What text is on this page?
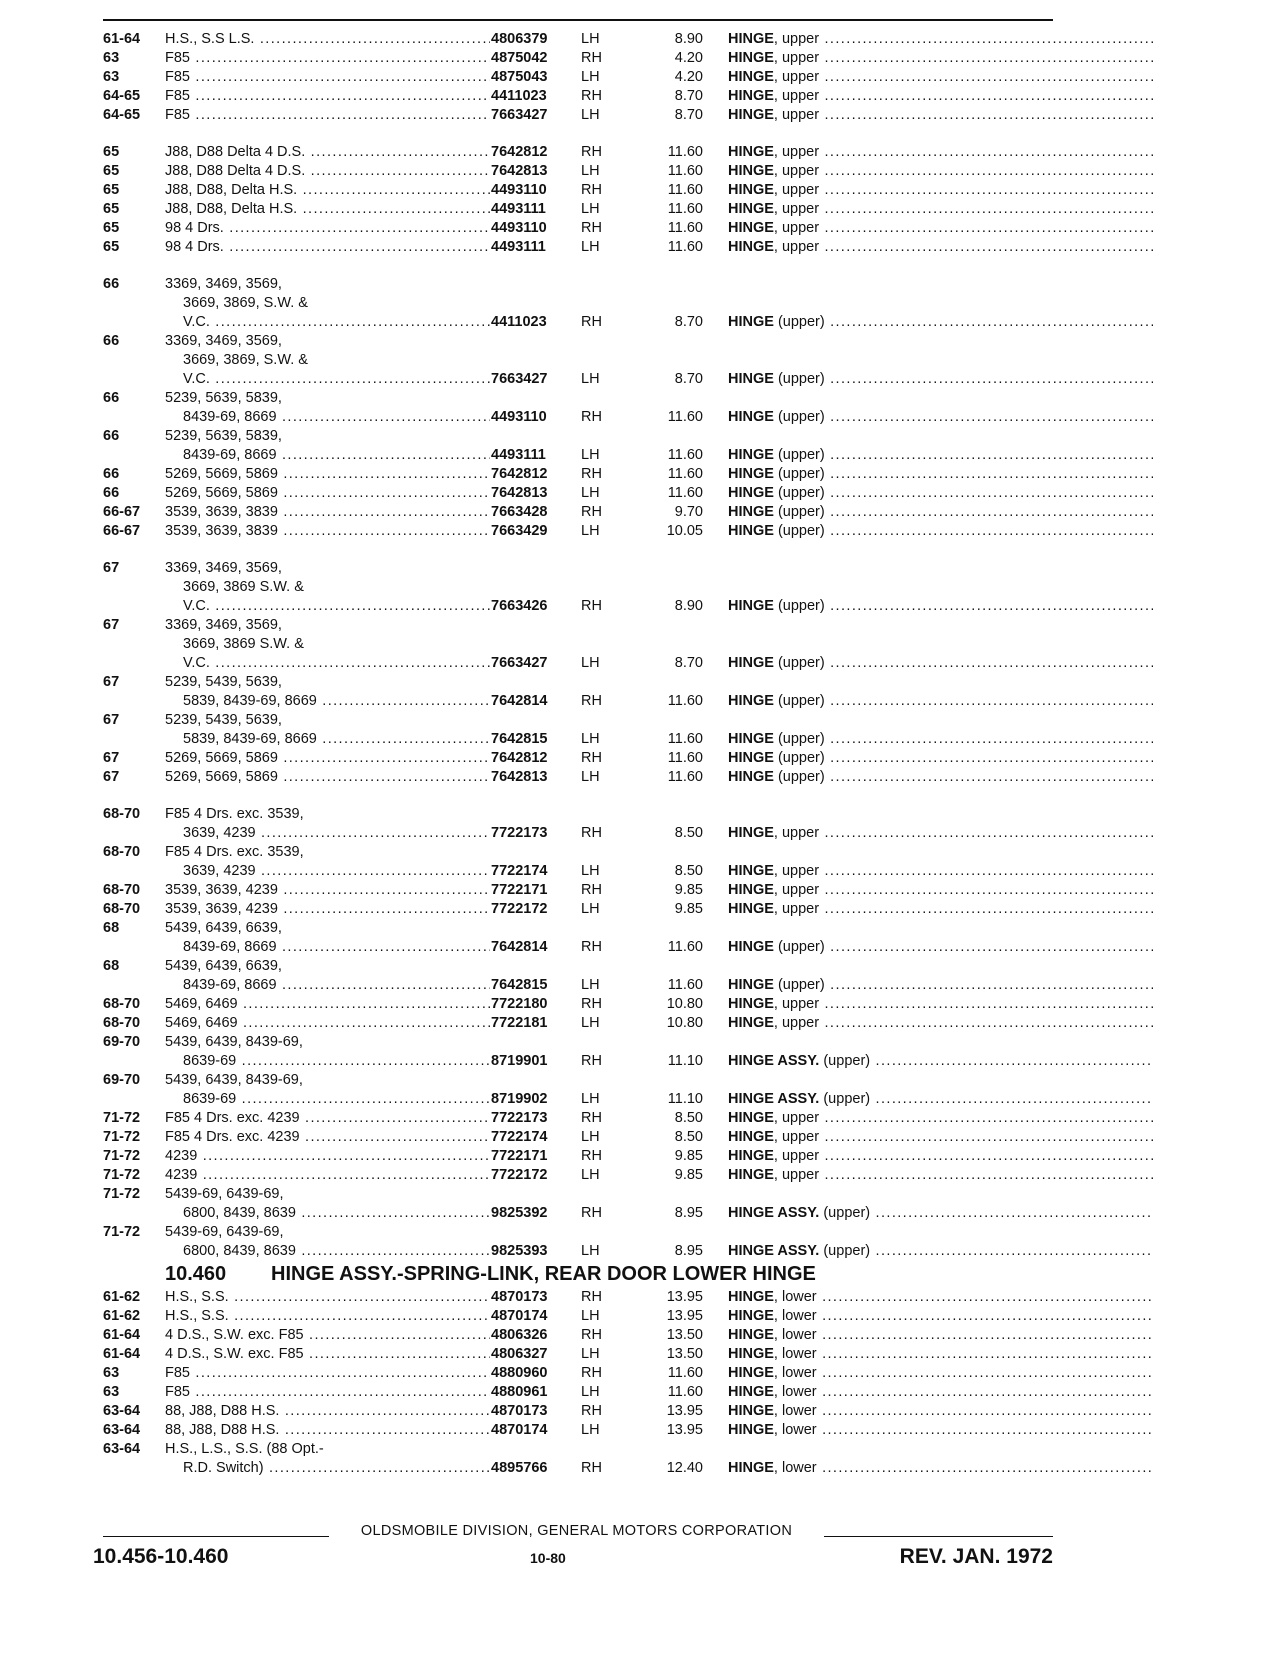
61-64	H.S., S.S L.S. .....	4806379	LH	8.90 HINGE, upper .....
63	F85 .....	4875042	RH	4.20 HINGE, upper .....
63	F85 .....	4875043	LH	4.20 HINGE, upper .....
64-65	F85 .....	4411023	RH	8.70 HINGE, upper .....
64-65	F85 .....	7663427	LH	8.70 HINGE, upper .....
65	J88, D88 Delta 4 D.S. .....	7642812	RH	11.60 HINGE, upper .....
65	J88, D88 Delta 4 D.S. .....	7642813	LH	11.60 HINGE, upper .....
65	J88, D88, Delta H.S. .....	4493110	RH	11.60 HINGE, upper .....
65	J88, D88, Delta H.S. .....	4493111	LH	11.60 HINGE, upper .....
65	98 4 Drs. .....	4493110	RH	11.60 HINGE, upper .....
65	98 4 Drs. .....	4493111	LH	11.60 HINGE, upper .....
66	3369, 3469, 3569,
3669, 3869, S.W. &
V.C. .....	4411023	RH	8.70 HINGE (upper) .....
66	3369, 3469, 3569,
3669, 3869, S.W. &
V.C. .....	7663427	LH	8.70 HINGE (upper) .....
66	5239, 5639, 5839,
8439-69, 8669 .....	4493110	RH	11.60 HINGE (upper) .....
66	5239, 5639, 5839,
8439-69, 8669 .....	4493111	LH	11.60 HINGE (upper) .....
66	5269, 5669, 5869 .....	7642812	RH	11.60 HINGE (upper) .....
66	5269, 5669, 5869 .....	7642813	LH	11.60 HINGE (upper) .....
66-67	3539, 3639, 3839 .....	7663428	RH	9.70 HINGE (upper) .....
66-67	3539, 3639, 3839 .....	7663429	LH	10.05 HINGE (upper) .....
67	3369, 3469, 3569,
3669, 3869 S.W. &
V.C. .....	7663426	RH	8.90 HINGE (upper) .....
67	3369, 3469, 3569,
3669, 3869 S.W. &
V.C. .....	7663427	LH	8.70 HINGE (upper) .....
67	5239, 5439, 5639,
5839, 8439-69, 8669 .....	7642814	RH	11.60 HINGE (upper) .....
67	5239, 5439, 5639,
5839, 8439-69, 8669 .....	7642815	LH	11.60 HINGE (upper) .....
67	5269, 5669, 5869 .....	7642812	RH	11.60 HINGE (upper) .....
67	5269, 5669, 5869 .....	7642813	LH	11.60 HINGE (upper) .....
68-70	F85 4 Drs. exc. 3539,
3639, 4239 .....	7722173	RH	8.50 HINGE, upper .....
68-70	F85 4 Drs. exc. 3539,
3639, 4239 .....	7722174	LH	8.50 HINGE, upper .....
68-70	3539, 3639, 4239 .....	7722171	RH	9.85 HINGE, upper .....
68-70	3539, 3639, 4239 .....	7722172	LH	9.85 HINGE, upper .....
68	5439, 6439, 6639,
8439-69, 8669 .....	7642814	RH	11.60 HINGE (upper) .....
68	5439, 6439, 6639,
8439-69, 8669 .....	7642815	LH	11.60 HINGE (upper) .....
68-70	5469, 6469 .....	7722180	RH	10.80 HINGE, upper .....
68-70	5469, 6469 .....	7722181	LH	10.80 HINGE, upper .....
69-70	5439, 6439, 8439-69,
8639-69 .....	8719901	RH	11.10 HINGE ASSY. (upper) .....
69-70	5439, 6439, 8439-69,
8639-69 .....	8719902	LH	11.10 HINGE ASSY. (upper) .....
71-72	F85 4 Drs. exc. 4239 .....	7722173	RH	8.50 HINGE, upper .....
71-72	F85 4 Drs. exc. 4239 .....	7722174	LH	8.50 HINGE, upper .....
71-72	4239 .....	7722171	RH	9.85 HINGE, upper .....
71-72	4239 .....	7722172	LH	9.85 HINGE, upper .....
71-72	5439-69, 6439-69,
6800, 8439, 8639 .....	9825392	RH	8.95 HINGE ASSY. (upper) .....
71-72	5439-69, 6439-69,
6800, 8439, 8639 .....	9825393	LH	8.95 HINGE ASSY. (upper) .....
10.460 HINGE ASSY.-SPRING-LINK, REAR DOOR LOWER HINGE
61-62	H.S., S.S. .....	4870173	RH	13.95 HINGE, lower .....
61-62	H.S., S.S. .....	4870174	LH	13.95 HINGE, lower .....
61-64	4 D.S., S.W. exc. F85 .....	4806326	RH	13.50 HINGE, lower .....
61-64	4 D.S., S.W. exc. F85 .....	4806327	LH	13.50 HINGE, lower .....
63	F85 .....	4880960	RH	11.60 HINGE, lower .....
63	F85 .....	4880961	LH	11.60 HINGE, lower .....
63-64	88, J88, D88 H.S. .....	4870173	RH	13.95 HINGE, lower .....
63-64	88, J88, D88 H.S. .....	4870174	LH	13.95 HINGE, lower .....
63-64	H.S., L.S., S.S. (88 Opt.-
R.D. Switch) .....	4895766	RH	12.40 HINGE, lower .....
OLDSMOBILE DIVISION, GENERAL MOTORS CORPORATION
10.456-10.460	10-80	REV. JAN. 1972
